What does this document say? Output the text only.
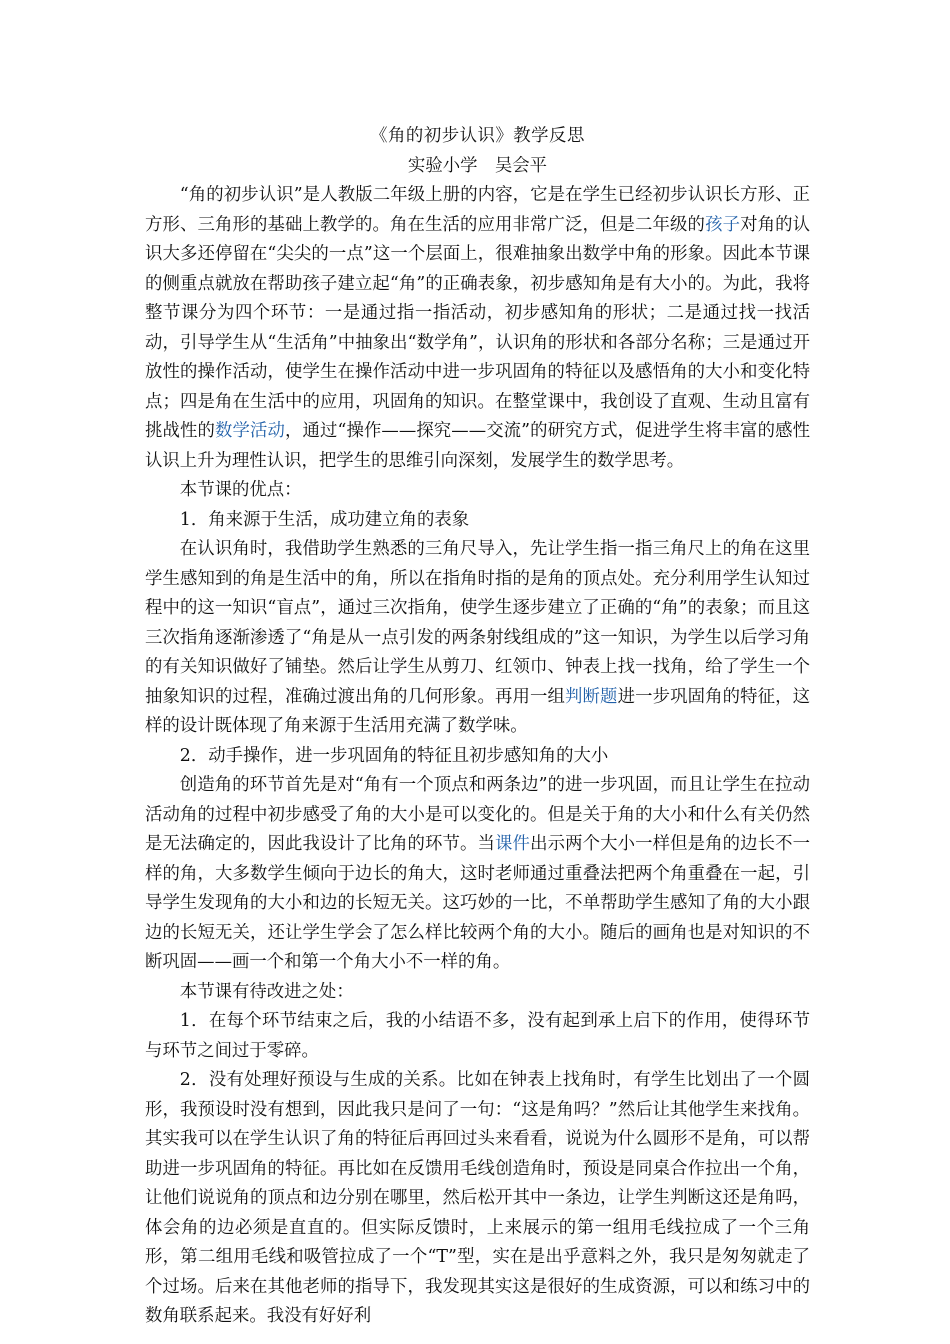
《角的初步认识》教学反思
实验小学　吴会平

“角的初步认识”是人教版二年级上册的内容，它是在学生已经初步认识长方形、正方形、三角形的基础上教学的。角在生活的应用非常广泛，但是二年级的孩子对角的认识大多还停留在“尖尖的一点”这一个层面上，很难抽象出数学中角的形象。因此本节课的侧重点就放在帮助孩子建立起“角”的正确表象，初步感知角是有大小的。为此，我将整节课分为四个环节：一是通过指一指活动，初步感知角的形状；二是通过找一找活动，引导学生从“生活角”中抽象出“数学角”，认识角的形状和各部分名称；三是通过开放性的操作活动，使学生在操作活动中进一步巩固角的特征以及感悟角的大小和变化特点；四是角在生活中的应用，巩固角的知识。在整堂课中，我创设了直观、生动且富有挑战性的数学活动，通过“操作——探究——交流”的研究方式，促进学生将丰富的感性认识上升为理性认识，把学生的思维引向深刻，发展学生的数学思考。

本节课的优点：

1．角来源于生活，成功建立角的表象

在认识角时，我借助学生熟悉的三角尺导入，先让学生指一指三角尺上的角在这里学生感知到的角是生活中的角，所以在指角时指的是角的顶点处。充分利用学生认知过程中的这一知识“盲点”，通过三次指角，使学生逐步建立了正确的“角”的表象；而且这三次指角逐渐渗透了“角是从一点引发的两条射线组成的”这一知识，为学生以后学习角的有关知识做好了铺垫。然后让学生从剪刀、红领巾、钟表上找一找角，给了学生一个抽象知识的过程，准确过渡出角的几何形象。再用一组判断题进一步巩固角的特征，这样的设计既体现了角来源于生活用充满了数学味。

2．动手操作，进一步巩固角的特征且初步感知角的大小

创造角的环节首先是对“角有一个顶点和两条边”的进一步巩固，而且让学生在拉动活动角的过程中初步感受了角的大小是可以变化的。但是关于角的大小和什么有关仍然是无法确定的，因此我设计了比角的环节。当课件出示两个大小一样但是角的边长不一样的角，大多数学生倾向于边长的角大，这时老师通过重叠法把两个角重叠在一起，引导学生发现角的大小和边的长短无关。这巧妙的一比，不单帮助学生感知了角的大小跟边的长短无关，还让学生学会了怎么样比较两个角的大小。随后的画角也是对知识的不断巩固——画一个和第一个角大小不一样的角。

本节课有待改进之处：

1．在每个环节结束之后，我的小结语不多，没有起到承上启下的作用，使得环节与环节之间过于零碎。

2．没有处理好预设与生成的关系。比如在钟表上找角时，有学生比划出了一个圆形，我预设时没有想到，因此我只是问了一句：“这是角吗？”然后让其他学生来找角。其实我可以在学生认识了角的特征后再回过头来看看，说说为什么圆形不是角，可以帮助进一步巩固角的特征。再比如在反馈用毛线创造角时，预设是同桌合作拉出一个角，让他们说说角的顶点和边分别在哪里，然后松开其中一条边，让学生判断这还是角吗，体会角的边必须是直直的。但实际反馈时，上来展示的第一组用毛线拉成了一个三角形，第二组用毛线和吸管拉成了一个“T”型，实在是出乎意料之外，我只是匆匆就走了个过场。后来在其他老师的指导下，我发现其实这是很好的生成资源，可以和练习中的数角联系起来。我没有好好利
